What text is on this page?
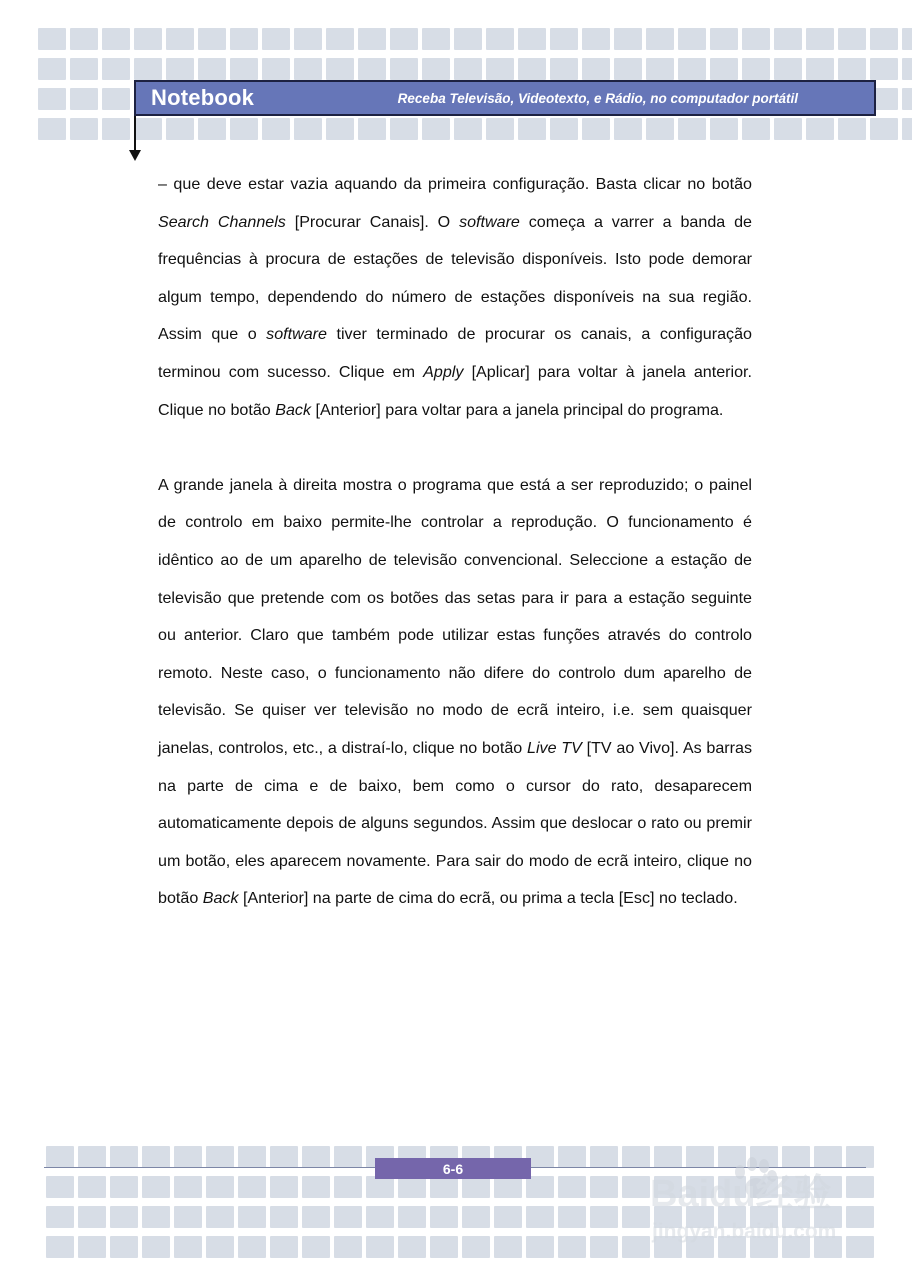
Notebook	Receba Televisão, Videotexto, e Rádio, no computador portátil

– que deve estar vazia aquando da primeira configuração. Basta clicar no botão Search Channels [Procurar Canais]. O software começa a varrer a banda de frequências à procura de estações de televisão disponíveis. Isto pode demorar algum tempo, dependendo do número de estações disponíveis na sua região. Assim que o software tiver terminado de procurar os canais, a configuração terminou com sucesso. Clique em Apply [Aplicar] para voltar à janela anterior. Clique no botão Back [Anterior] para voltar para a janela principal do programa.

A grande janela à direita mostra o programa que está a ser reproduzido; o painel de controlo em baixo permite-lhe controlar a reprodução. O funcionamento é idêntico ao de um aparelho de televisão convencional. Seleccione a estação de televisão que pretende com os botões das setas para ir para a estação seguinte ou anterior. Claro que também pode utilizar estas funções através do controlo remoto. Neste caso, o funcionamento não difere do controlo dum aparelho de televisão. Se quiser ver televisão no modo de ecrã inteiro, i.e. sem quaisquer janelas, controlos, etc., a distraí-lo, clique no botão Live TV [TV ao Vivo]. As barras na parte de cima e de baixo, bem como o cursor do rato, desaparecem automaticamente depois de alguns segundos. Assim que deslocar o rato ou premir um botão, eles aparecem novamente. Para sair do modo de ecrã inteiro, clique no botão Back [Anterior] na parte de cima do ecrã, ou prima a tecla [Esc] no teclado.

6-6
Baidu经验
jingyan.baidu.com
